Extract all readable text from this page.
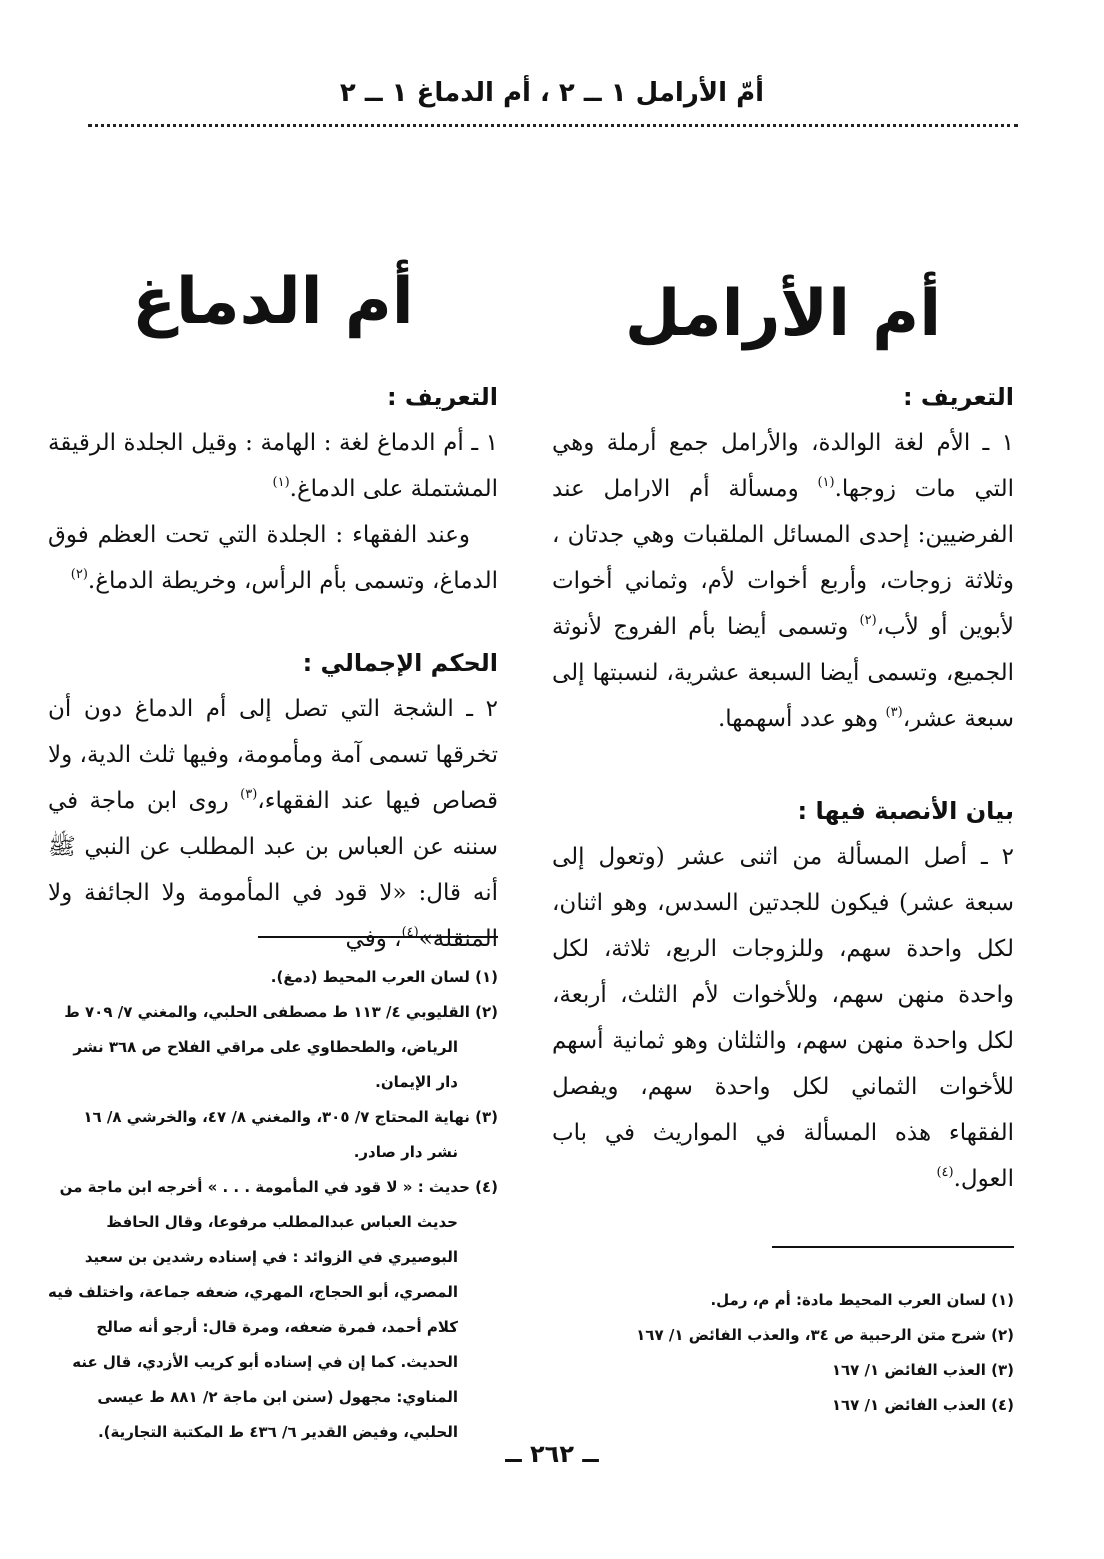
أمّ الأرامل ١ ــ ٢ ، أم الدماغ ١ ــ ٢
أم الأرامل

التعريف :

١ ـ الأم لغة الوالدة، والأرامل جمع أرملة وهي التي مات زوجها.$^{(١)}$ ومسألة أم الارامل عند الفرضيين: إحدى المسائل الملقبات وهي جدتان ، وثلاثة زوجات، وأربع أخوات لأم، وثماني أخوات لأبوين أو لأب،$^{(٢)}$ وتسمى أيضا بأم الفروج لأنوثة الجميع، وتسمى أيضا السبعة عشرية، لنسبتها إلى سبعة عشر،$^{(٣)}$ وهو عدد أسهمها.

بيان الأنصبة فيها :

٢ ـ أصل المسألة من اثنى عشر (وتعول إلى سبعة عشر) فيكون للجدتين السدس، وهو اثنان، لكل واحدة سهم، وللزوجات الربع، ثلاثة، لكل واحدة منهن سهم، وللأخوات لأم الثلث، أربعة، لكل واحدة منهن سهم، والثلثان وهو ثمانية أسهم للأخوات الثماني لكل واحدة سهم، ويفصل الفقهاء هذه المسألة في المواريث في باب العول.$^{(٤)}$

(١) لسان العرب المحيط مادة: أم م، رمل.
(٢) شرح متن الرحبية ص ٣٤، والعذب الفائض ١/ ١٦٧
(٣) العذب الفائض ١/ ١٦٧
(٤) العذب الفائض ١/ ١٦٧
أم الدماغ

التعريف :

١ ـ أم الدماغ لغة : الهامة : وقيل الجلدة الرقيقة المشتملة على الدماغ.$^{(١)}$

وعند الفقهاء : الجلدة التي تحت العظم فوق الدماغ، وتسمى بأم الرأس، وخريطة الدماغ.$^{(٢)}$

الحكم الإجمالي :

٢ ـ الشجة التي تصل إلى أم الدماغ دون أن تخرقها تسمى آمة ومأمومة، وفيها ثلث الدية، ولا قصاص فيها عند الفقهاء،$^{(٣)}$ روى ابن ماجة في سننه عن العباس بن عبد المطلب عن النبي ﷺ أنه قال: «لا قود في المأمومة ولا الجائفة ولا المنقلة»$^{(٤)}$، وفي

(١) لسان العرب المحيط (دمغ).
(٢) القليوبي ٤/ ١١٣ ط مصطفى الحلبي، والمغني ٧/ ٧٠٩ ط الرياض، والطحطاوي على مراقي الفلاح ص ٣٦٨ نشر دار الإيمان.
(٣) نهاية المحتاج ٧/ ٣٠٥، والمغني ٨/ ٤٧، والخرشي ٨/ ١٦ نشر دار صادر.
(٤) حديث : « لا قود في المأمومة . . . » أخرجه ابن ماجة من حديث العباس عبدالمطلب مرفوعا، وقال الحافظ البوصيري في الزوائد : في إسناده رشدين بن سعيد المصري، أبو الحجاج، المهري، ضعفه جماعة، واختلف فيه كلام أحمد، فمرة ضعفه، ومرة قال: أرجو أنه صالح الحديث. كما إن في إسناده أبو كريب الأزدي، قال عنه المناوي: مجهول (سنن ابن ماجة ٢/ ٨٨١ ط عيسى الحلبي، وفيض القدير ٦/ ٤٣٦ ط المكتبة التجارية).
ــ ٢٦٢ ــ
